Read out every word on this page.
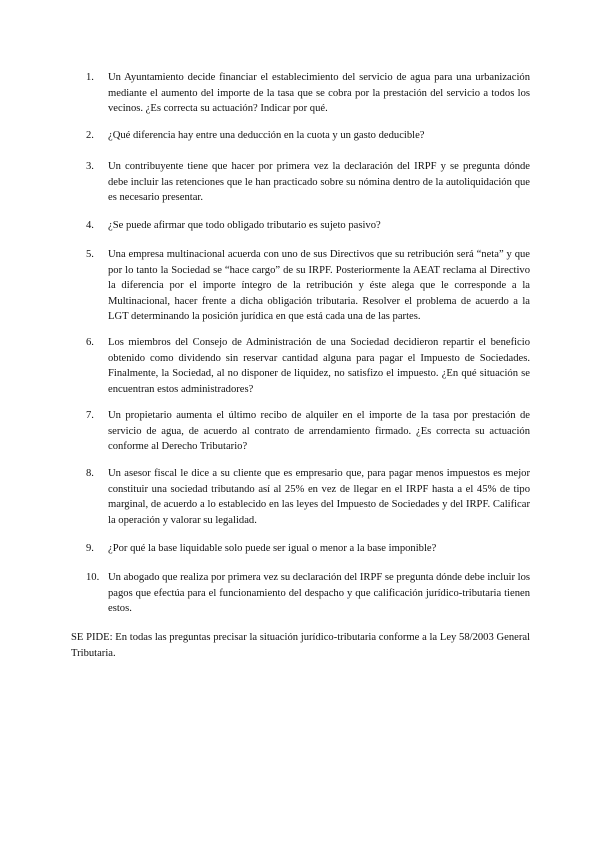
1.	Un Ayuntamiento decide financiar el establecimiento del servicio de agua para una urbanización mediante el aumento del importe de la tasa que se cobra por la prestación del servicio a todos los vecinos. ¿Es correcta su actuación? Indicar por qué.
2.	¿Qué diferencia hay entre una deducción en la cuota y un gasto deducible?
3.	Un contribuyente tiene que hacer por primera vez la declaración del IRPF y se pregunta dónde debe incluir las retenciones que le han practicado sobre su nómina dentro de la autoliquidación que es necesario presentar.
4.	¿Se puede afirmar que todo obligado tributario es sujeto pasivo?
5.	Una empresa multinacional acuerda con uno de sus Directivos que su retribución será “neta” y que por lo tanto la Sociedad se “hace cargo” de su IRPF. Posteriormente la AEAT reclama al Directivo la diferencia por el importe íntegro de la retribución y éste alega que le corresponde a la Multinacional, hacer frente a dicha obligación tributaria. Resolver el problema de acuerdo a la LGT determinando la posición jurídica en que está cada una de las partes.
6.	Los miembros del Consejo de Administración de una Sociedad decidieron repartir el beneficio obtenido como dividendo sin reservar cantidad alguna para pagar el Impuesto de Sociedades. Finalmente, la Sociedad, al no disponer de liquidez, no satisfizo el impuesto. ¿En qué situación se encuentran estos administradores?
7.	Un propietario aumenta el último recibo de alquiler en el importe de la tasa por prestación de servicio de agua, de acuerdo al contrato de arrendamiento firmado. ¿Es correcta su actuación conforme al Derecho Tributario?
8.	Un asesor fiscal le dice a su cliente que es empresario que, para pagar menos impuestos es mejor constituir una sociedad tributando así al 25% en vez de llegar en el IRPF hasta a el 45% de tipo marginal, de acuerdo a lo establecido en las leyes del Impuesto de Sociedades y del IRPF. Calificar la operación y valorar su legalidad.
9.	¿Por qué la base liquidable solo puede ser igual o menor a la base imponible?
10. Un abogado que realiza por primera vez su declaración del IRPF se pregunta dónde debe incluir los pagos que efectúa para el funcionamiento del despacho y que calificación jurídico-tributaria tienen estos.
SE PIDE: En todas las preguntas precisar la situación jurídico-tributaria conforme a la Ley 58/2003 General Tributaria.
